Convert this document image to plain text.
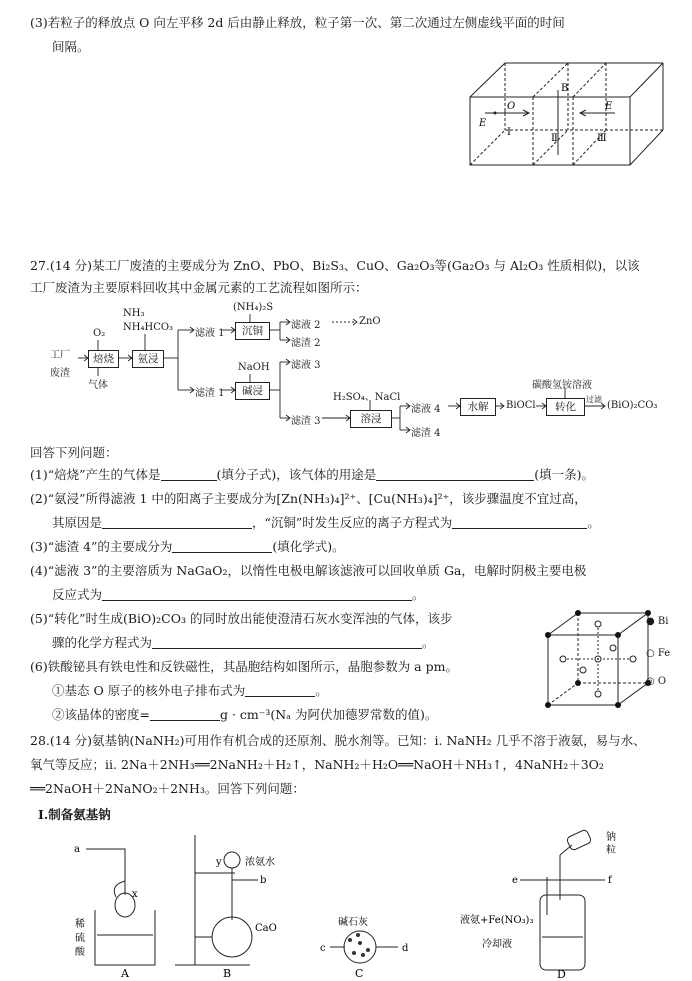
(3)若粒子的释放点 O 向左平移 2d 后由静止释放，粒子第一次、第二次通过左侧虚线平面的时间
间隔。
B
O
E
E
Ⅰ
Ⅱ	Ⅲ
27.(14 分)某工厂废渣的主要成分为 ZnO、PbO、Bi₂S₃、CuO、Ga₂O₃等(Ga₂O₃ 与 Al₂O₃ 性质相似)，以该
工厂废渣为主要原料回收其中金属元素的工艺流程如图所示：
工厂
废渣
O₂
气体
焙烧
NH₃
NH₄HCO₃
氨浸
滤液 1
(NH₄)₂S
沉铜	滤液 2	ZnO
滤渣 2
滤渣 1
NaOH
碱浸
滤液 3
滤渣 3
H₂SO₄、NaCl
溶浸
滤液 4
滤渣 4
水解	BiOCl
碳酸氢铵溶液
转化
过滤
(BiO)₂CO₃
回答下列问题：
(1)“焙烧”产生的气体是	(填分子式)，该气体的用途是	(填一条)。
(2)“氨浸”所得滤液 1 中的阳离子主要成分为[Zn(NH₃)₄]²⁺、[Cu(NH₃)₄]²⁺，该步骤温度不宜过高，
其原因是	，“沉铜”时发生反应的离子方程式为	。
(3)“滤渣 4”的主要成分为	(填化学式)。
(4)“滤液 3”的主要溶质为 NaGaO₂，以惰性电极电解该滤液可以回收单质 Ga，电解时阴极主要电极
反应式为	。
(5)“转化”时生成(BiO)₂CO₃ 的同时放出能使澄清石灰水变浑浊的气体，该步
骤的化学方程式为	。
(6)铁酸铋具有铁电性和反铁磁性，其晶胞结构如图所示，晶胞参数为 a pm。
①基态 O 原子的核外电子排布式为	。
②该晶体的密度=	g · cm⁻³(Nₐ 为阿伏加德罗常数的值)。
● Bi
○ Fe
◎ O
28.(14 分)氨基钠(NaNH₂)可用作有机合成的还原剂、脱水剂等。已知：i. NaNH₂ 几乎不溶于液氨，易与水、
氧气等反应；ii. 2Na＋2NH₃══2NaNH₂＋H₂↑，NaNH₂＋H₂O══NaOH＋NH₃↑，4NaNH₂＋3O₂
══2NaOH＋2NaNO₂＋2NH₃。回答下列问题：
Ⅰ.制备氨基钠
a
x
稀
硫
酸
A
y 浓氨水
b
CaO
B
碱石灰
c	d
C
钠
粒
e	f
液氨+Fe(NO₃)₃
冷却液
D
